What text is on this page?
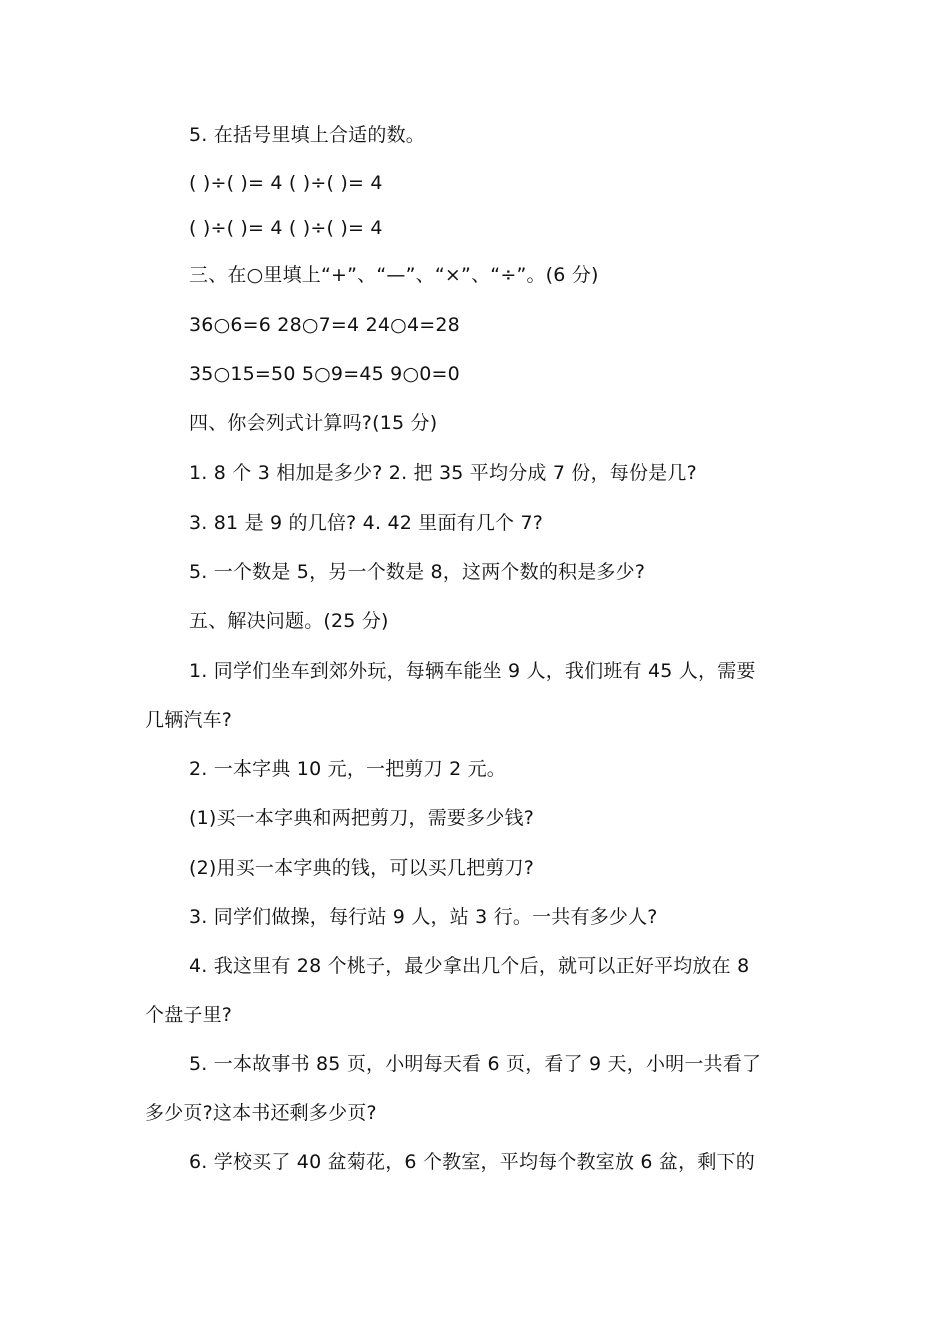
5. 在括号里填上合适的数。
( )÷( )= 4 ( )÷( )= 4
( )÷( )= 4 ( )÷( )= 4
三、在○里填上“+”、“—”、“×”、“÷”。(6 分)
36○6=6 28○7=4 24○4=28
35○15=50 5○9=45 9○0=0
四、你会列式计算吗?(15 分)
1. 8 个 3 相加是多少? 2. 把 35 平均分成 7 份，每份是几?
3. 81 是 9 的几倍? 4. 42 里面有几个 7?
5. 一个数是 5，另一个数是 8，这两个数的积是多少?
五、解决问题。(25 分)
1. 同学们坐车到郊外玩，每辆车能坐 9 人，我们班有 45 人，需要
几辆汽车?
2. 一本字典 10 元，一把剪刀 2 元。
(1)买一本字典和两把剪刀，需要多少钱?
(2)用买一本字典的钱，可以买几把剪刀?
3. 同学们做操，每行站 9 人，站 3 行。一共有多少人?
4. 我这里有 28 个桃子，最少拿出几个后，就可以正好平均放在 8
个盘子里?
5. 一本故事书 85 页，小明每天看 6 页，看了 9 天，小明一共看了
多少页?这本书还剩多少页?
6. 学校买了 40 盆菊花，6 个教室，平均每个教室放 6 盆，剩下的
